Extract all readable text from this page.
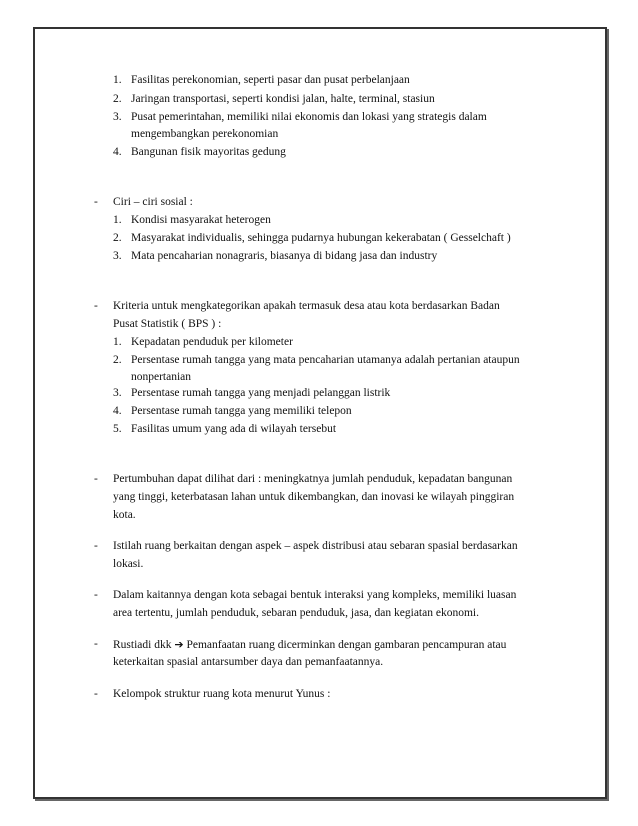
1. Fasilitas perekonomian, seperti pasar dan pusat perbelanjaan
2. Jaringan transportasi, seperti kondisi jalan, halte, terminal, stasiun
3. Pusat pemerintahan, memiliki nilai ekonomis dan lokasi yang strategis dalam
mengembangkan perekonomian
4. Bangunan fisik mayoritas gedung
- Ciri – ciri sosial :
1. Kondisi masyarakat heterogen
2. Masyarakat individualis, sehingga pudarnya hubungan kekerabatan ( Gesselchaft )
3. Mata pencaharian nonagraris, biasanya di bidang jasa dan industry
- Kriteria untuk mengkategorikan apakah termasuk desa atau kota berdasarkan Badan
Pusat Statistik ( BPS ) :
1. Kepadatan penduduk per kilometer
2. Persentase rumah tangga yang mata pencaharian utamanya adalah pertanian ataupun
nonpertanian
3. Persentase rumah tangga yang menjadi pelanggan listrik
4. Persentase rumah tangga yang memiliki telepon
5. Fasilitas umum yang ada di wilayah tersebut
- Pertumbuhan dapat dilihat dari : meningkatnya jumlah penduduk, kepadatan bangunan
yang tinggi, keterbatasan lahan untuk dikembangkan, dan inovasi ke wilayah pinggiran
kota.
- Istilah ruang berkaitan dengan aspek – aspek distribusi atau sebaran spasial berdasarkan
lokasi.
- Dalam kaitannya dengan kota sebagai bentuk interaksi yang kompleks, memiliki luasan
area tertentu, jumlah penduduk, sebaran penduduk, jasa, dan kegiatan ekonomi.
- Rustiadi dkk ➔ Pemanfaatan ruang dicerminkan dengan gambaran pencampuran atau
keterkaitan spasial antarsumber daya dan pemanfaatannya.
- Kelompok struktur ruang kota menurut Yunus :
